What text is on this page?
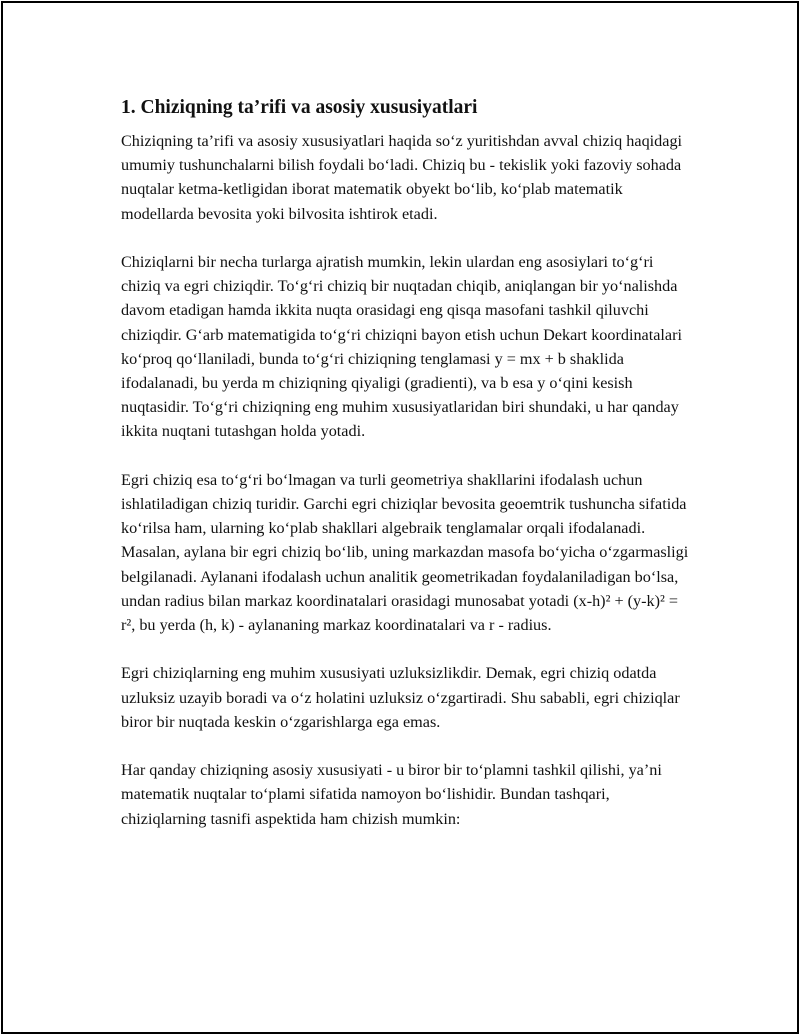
1. Chiziqning ta’rifi va asosiy xususiyatlari

Chiziqning ta’rifi va asosiy xususiyatlari haqida so‘z yuritishdan avval chiziq haqidagi umumiy tushunchalarni bilish foydali bo‘ladi. Chiziq bu - tekislik yoki fazoviy sohada nuqtalar ketma-ketligidan iborat matematik obyekt bo‘lib, ko‘plab matematik modellarda bevosita yoki bilvosita ishtirok etadi.

Chiziqlarni bir necha turlarga ajratish mumkin, lekin ulardan eng asosiylari to‘g‘ri chiziq va egri chiziqdir. To‘g‘ri chiziq bir nuqtadan chiqib, aniqlangan bir yo‘nalishda davom etadigan hamda ikkita nuqta orasidagi eng qisqa masofani tashkil qiluvchi chiziqdir. G‘arb matematigida to‘g‘ri chiziqni bayon etish uchun Dekart koordinatalari ko‘proq qo‘llaniladi, bunda to‘g‘ri chiziqning tenglamasi y = mx + b shaklida ifodalanadi, bu yerda m chiziqning qiyaligi (gradienti), va b esa y o‘qini kesish nuqtasidir. To‘g‘ri chiziqning eng muhim xususiyatlaridan biri shundaki, u har qanday ikkita nuqtani tutashgan holda yotadi.

Egri chiziq esa to‘g‘ri bo‘lmagan va turli geometriya shakllarini ifodalash uchun ishlatiladigan chiziq turidir. Garchi egri chiziqlar bevosita geoemtrik tushuncha sifatida ko‘rilsa ham, ularning ko‘plab shakllari algebraik tenglamalar orqali ifodalanadi. Masalan, aylana bir egri chiziq bo‘lib, uning markazdan masofa bo‘yicha o‘zgarmasligi belgilanadi. Aylanani ifodalash uchun analitik geometrikadan foydalaniladigan bo‘lsa, undan radius bilan markaz koordinatalari orasidagi munosabat yotadi (x-h)² + (y-k)² = r², bu yerda (h, k) - aylananing markaz koordinatalari va r - radius.

Egri chiziqlarning eng muhim xususiyati uzluksizlikdir. Demak, egri chiziq odatda uzluksiz uzayib boradi va o‘z holatini uzluksiz o‘zgartiradi. Shu sababli, egri chiziqlar biror bir nuqtada keskin o‘zgarishlarga ega emas.

Har qanday chiziqning asosiy xususiyati - u biror bir to‘plamni tashkil qilishi, ya’ni matematik nuqtalar to‘plami sifatida namoyon bo‘lishidir. Bundan tashqari, chiziqlarning tasnifi aspektida ham chizish mumkin:
